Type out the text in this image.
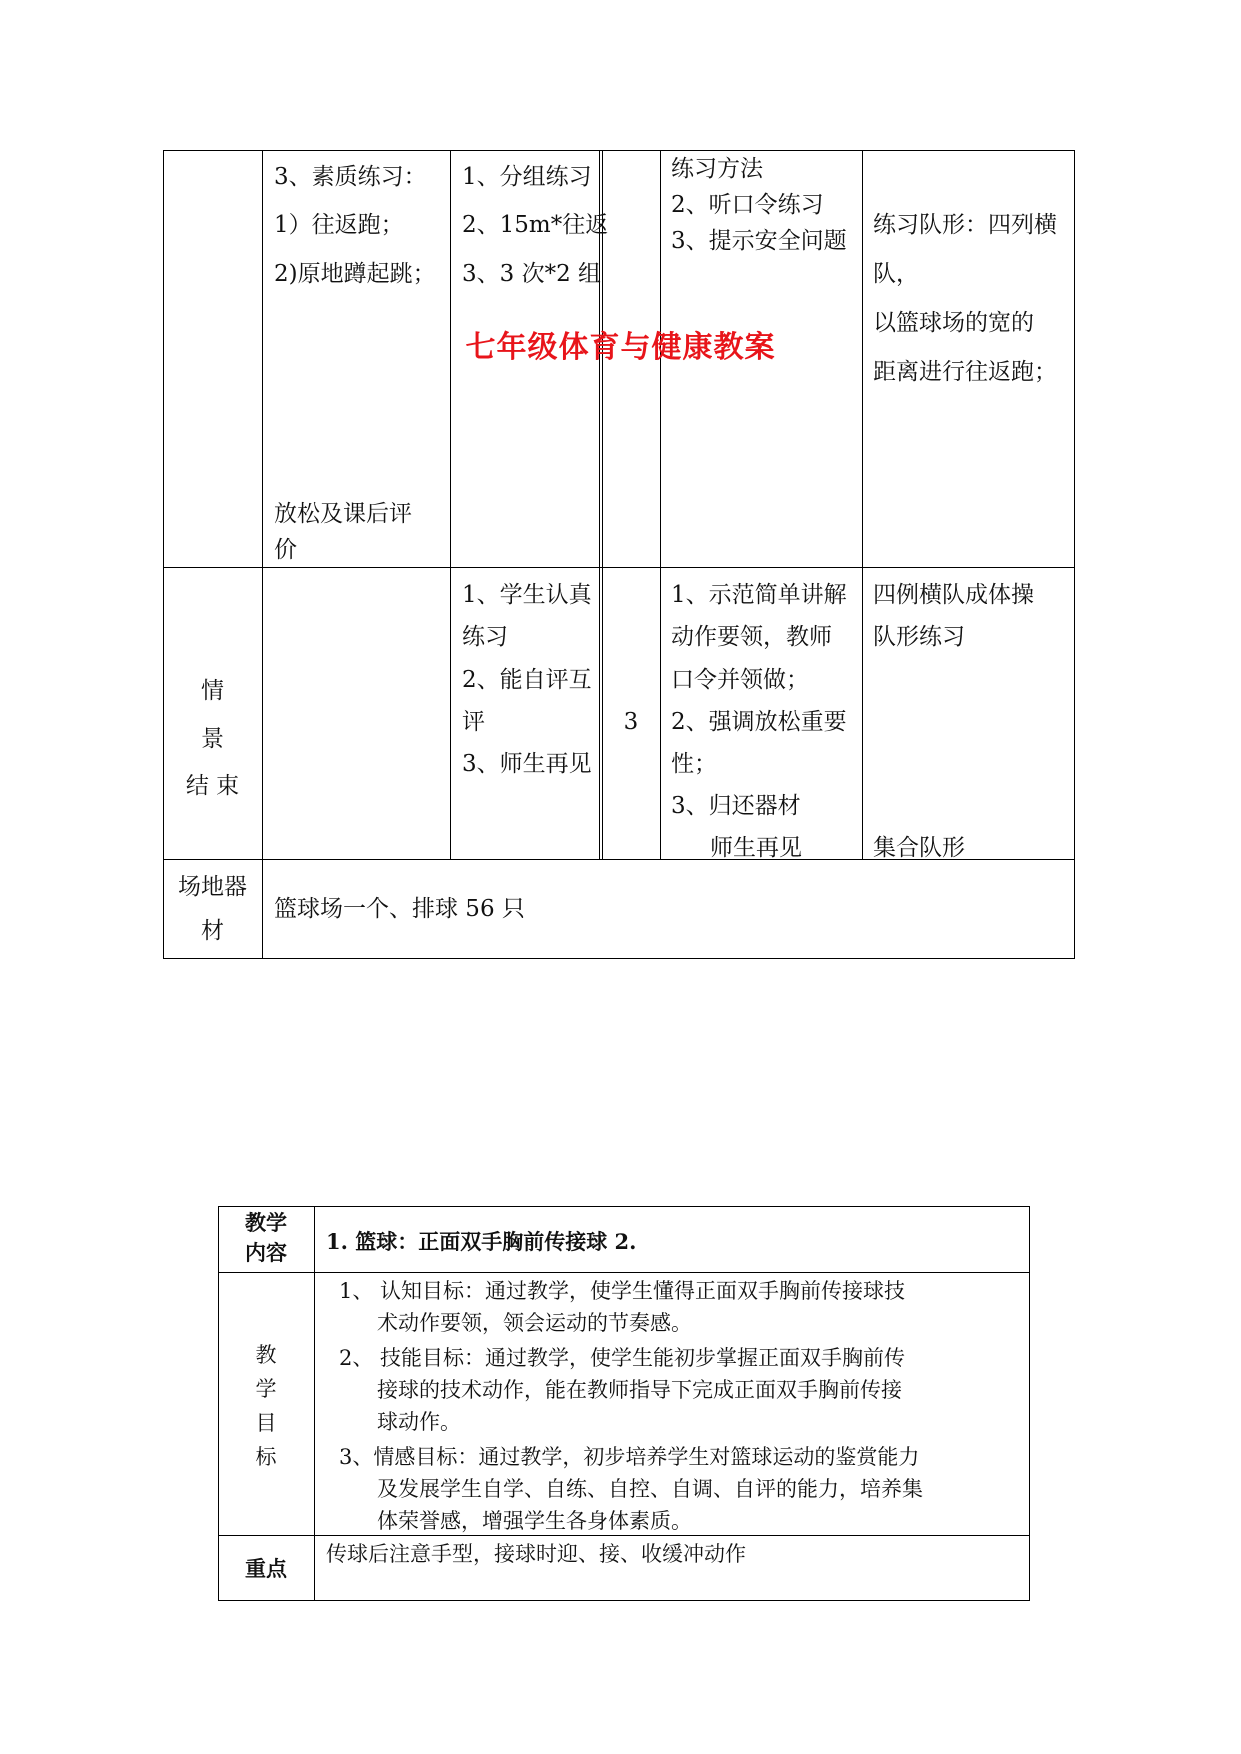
3、素质练习：
1）往返跑；
2)原地蹲起跳；
放松及课后评
价
1、分组练习
2、15m*往返
3、3 次*2 组
练习方法
2、听口令练习
3、提示安全问题
练习队形：四列横
队，
以篮球场的宽的
距离进行往返跑；
情
景
结 束
1、学生认真
练习
2、能自评互
评
3、师生再见
3
1、示范简单讲解
动作要领，教师
口令并领做；
2、强调放松重要
性；
3、归还器材
师生再见
四例横队成体操
队形练习
集合队形
场地器
材
篮球场一个、排球 56 只
七年级体育与健康教案
教学
内容	1. 篮球：正面双手胸前传接球 2.
教
学
目
标
1、 认知目标：通过教学，使学生懂得正面双手胸前传接球技
术动作要领，领会运动的节奏感。
2、 技能目标：通过教学，使学生能初步掌握正面双手胸前传
接球的技术动作，能在教师指导下完成正面双手胸前传接
球动作。
3、情感目标：通过教学，初步培养学生对篮球运动的鉴赏能力
及发展学生自学、自练、自控、自调、自评的能力，培养集
体荣誉感，增强学生各身体素质。
重点
传球后注意手型，接球时迎、接、收缓冲动作
